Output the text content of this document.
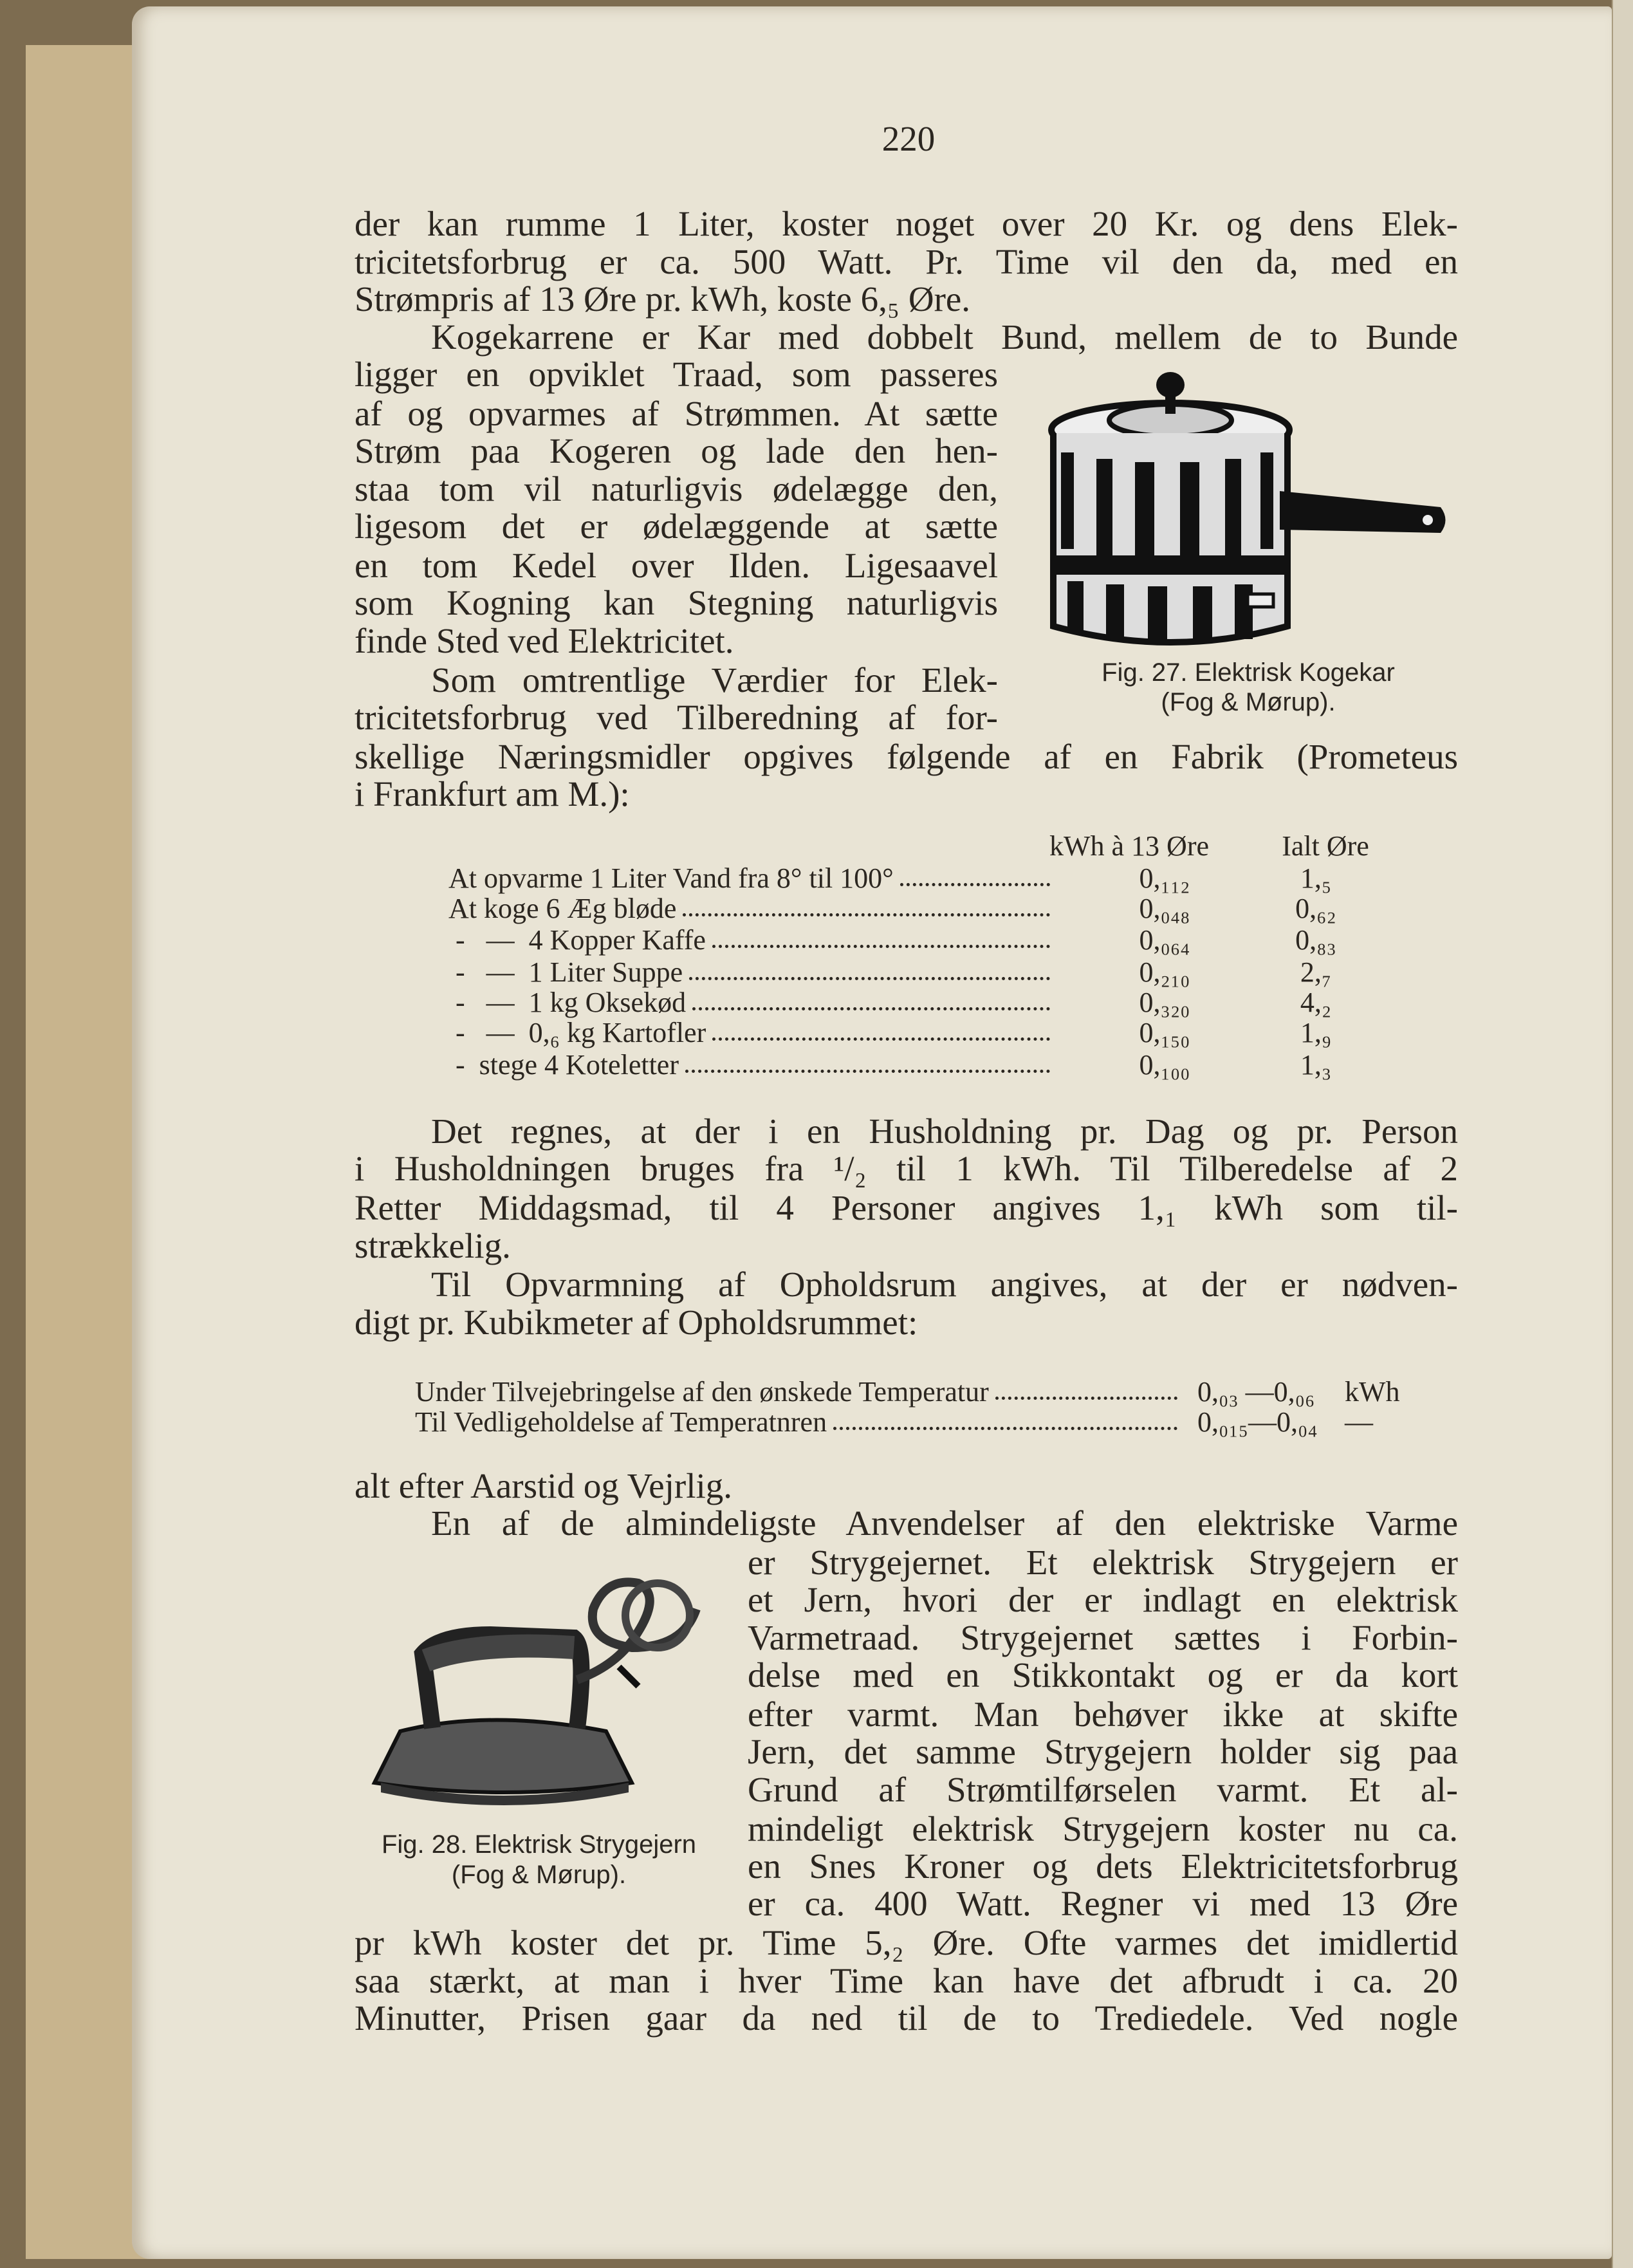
220
der kan rumme 1 Liter, koster noget over 20 Kr. og dens Elek-
tricitetsforbrug er ca. 500 Watt. Pr. Time vil den da, med en
Strømpris af 13 Øre pr. kWh, koste 6,₅ Øre.
Kogekarrene er Kar med dobbelt Bund, mellem de to Bunde
ligger en opviklet Traad, som passeres
af og opvarmes af Strømmen. At sætte
Strøm paa Kogeren og lade den hen-
staa tom vil naturligvis ødelægge den,
ligesom det er ødelæggende at sætte
en tom Kedel over Ilden. Ligesaavel
som Kogning kan Stegning naturligvis
finde Sted ved Elektricitet.
Som omtrentlige Værdier for Elek-
tricitetsforbrug ved Tilberedning af for-
skellige Næringsmidler opgives følgende af en Fabrik (Prometeus
i Frankfurt am M.):
Det regnes, at der i en Husholdning pr. Dag og pr. Person
i Husholdningen bruges fra ¹/₂ til 1 kWh. Til Tilberedelse af 2
Retter Middagsmad, til 4 Personer angives 1,₁ kWh som til-
strækkelig.
Til Opvarmning af Opholdsrum angives, at der er nødven-
digt pr. Kubikmeter af Opholdsrummet:
alt efter Aarstid og Vejrlig.
En af de almindeligste Anvendelser af den elektriske Varme
er Strygejernet. Et elektrisk Strygejern er
et Jern, hvori der er indlagt en elektrisk
Varmetraad. Strygejernet sættes i Forbin-
delse med en Stikkontakt og er da kort
efter varmt. Man behøver ikke at skifte
Jern, det samme Strygejern holder sig paa
Grund af Strømtilførselen varmt. Et al-
mindeligt elektrisk Strygejern koster nu ca.
en Snes Kroner og dets Elektricitetsforbrug
er ca. 400 Watt. Regner vi med 13 Øre
pr kWh koster det pr. Time 5,₂ Øre. Ofte varmes det imidlertid
saa stærkt, at man i hver Time kan have det afbrudt i ca. 20
Minutter, Prisen gaar da ned til de to Trediedele. Ved nogle
Fig. 27. Elektrisk Kogekar
(Fog & Mørup).
Fig. 28. Elektrisk Strygejern
(Fog & Mørup).
kWh à 13 Øre	Ialt Øre
At opvarme 1 Liter Vand fra 8° til 100°	0,₁₁₂	1,₅
At koge 6 Æg bløde	0,₀₄₈	0,₆₂
-   —  4 Kopper Kaffe	0,₀₆₄	0,₈₃
-   —  1 Liter Suppe	0,₂₁₀	2,₇
-   —  1 kg Oksekød	0,₃₂₀	4,₂
-   —  0,₆ kg Kartofler	0,₁₅₀	1,₉
-  stege 4 Koteletter	0,₁₀₀	1,₃
Under Tilvejebringelse af den ønskede Temperatur	0,₀₃ —0,₀₆ kWh
Til Vedligeholdelse af Temperatnren	0,₀₁₅—0,₀₄ —
